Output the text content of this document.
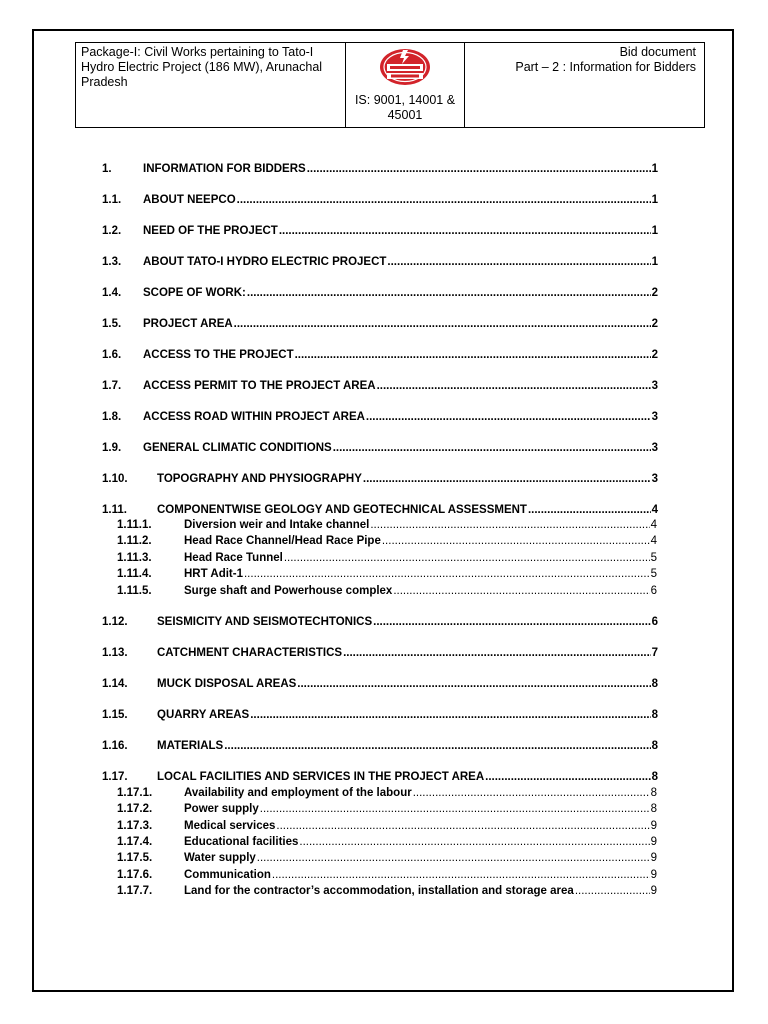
Package-I: Civil Works pertaining to Tato-I Hydro Electric Project (186 MW), Arunachal Pradesh
IS: 9001, 14001 & 45001
Bid document
Part – 2 : Information for Bidders
1.	INFORMATION FOR BIDDERS .....	1
1.1.	ABOUT NEEPCO .....	1
1.2.	NEED OF THE PROJECT .....	1
1.3.	ABOUT TATO-I HYDRO ELECTRIC PROJECT .....	1
1.4.	SCOPE OF WORK: .....	2
1.5.	PROJECT AREA .....	2
1.6.	ACCESS TO THE PROJECT .....	2
1.7.	ACCESS PERMIT TO THE PROJECT AREA .....	3
1.8.	ACCESS ROAD WITHIN PROJECT AREA .....	3
1.9.	GENERAL CLIMATIC CONDITIONS .....	3
1.10.	TOPOGRAPHY AND PHYSIOGRAPHY .....	3
1.11.	COMPONENTWISE GEOLOGY AND GEOTECHNICAL ASSESSMENT .....	4
1.11.1.	Diversion weir and Intake channel .....	4
1.11.2.	Head Race Channel/Head Race Pipe .....	4
1.11.3.	Head Race Tunnel .....	5
1.11.4.	HRT Adit-1 .....	5
1.11.5.	Surge shaft and Powerhouse complex .....	6
1.12.	SEISMICITY AND SEISMOTECHTONICS .....	6
1.13.	CATCHMENT CHARACTERISTICS .....	7
1.14.	MUCK DISPOSAL AREAS .....	8
1.15.	QUARRY AREAS .....	8
1.16.	MATERIALS .....	8
1.17.	LOCAL FACILITIES AND SERVICES IN THE PROJECT AREA .....	8
1.17.1.	Availability and employment of the labour .....	8
1.17.2.	Power supply .....	8
1.17.3.	Medical services .....	9
1.17.4.	Educational facilities .....	9
1.17.5.	Water supply .....	9
1.17.6.	Communication .....	9
1.17.7.	Land for the contractor’s accommodation, installation and storage area .....	9
